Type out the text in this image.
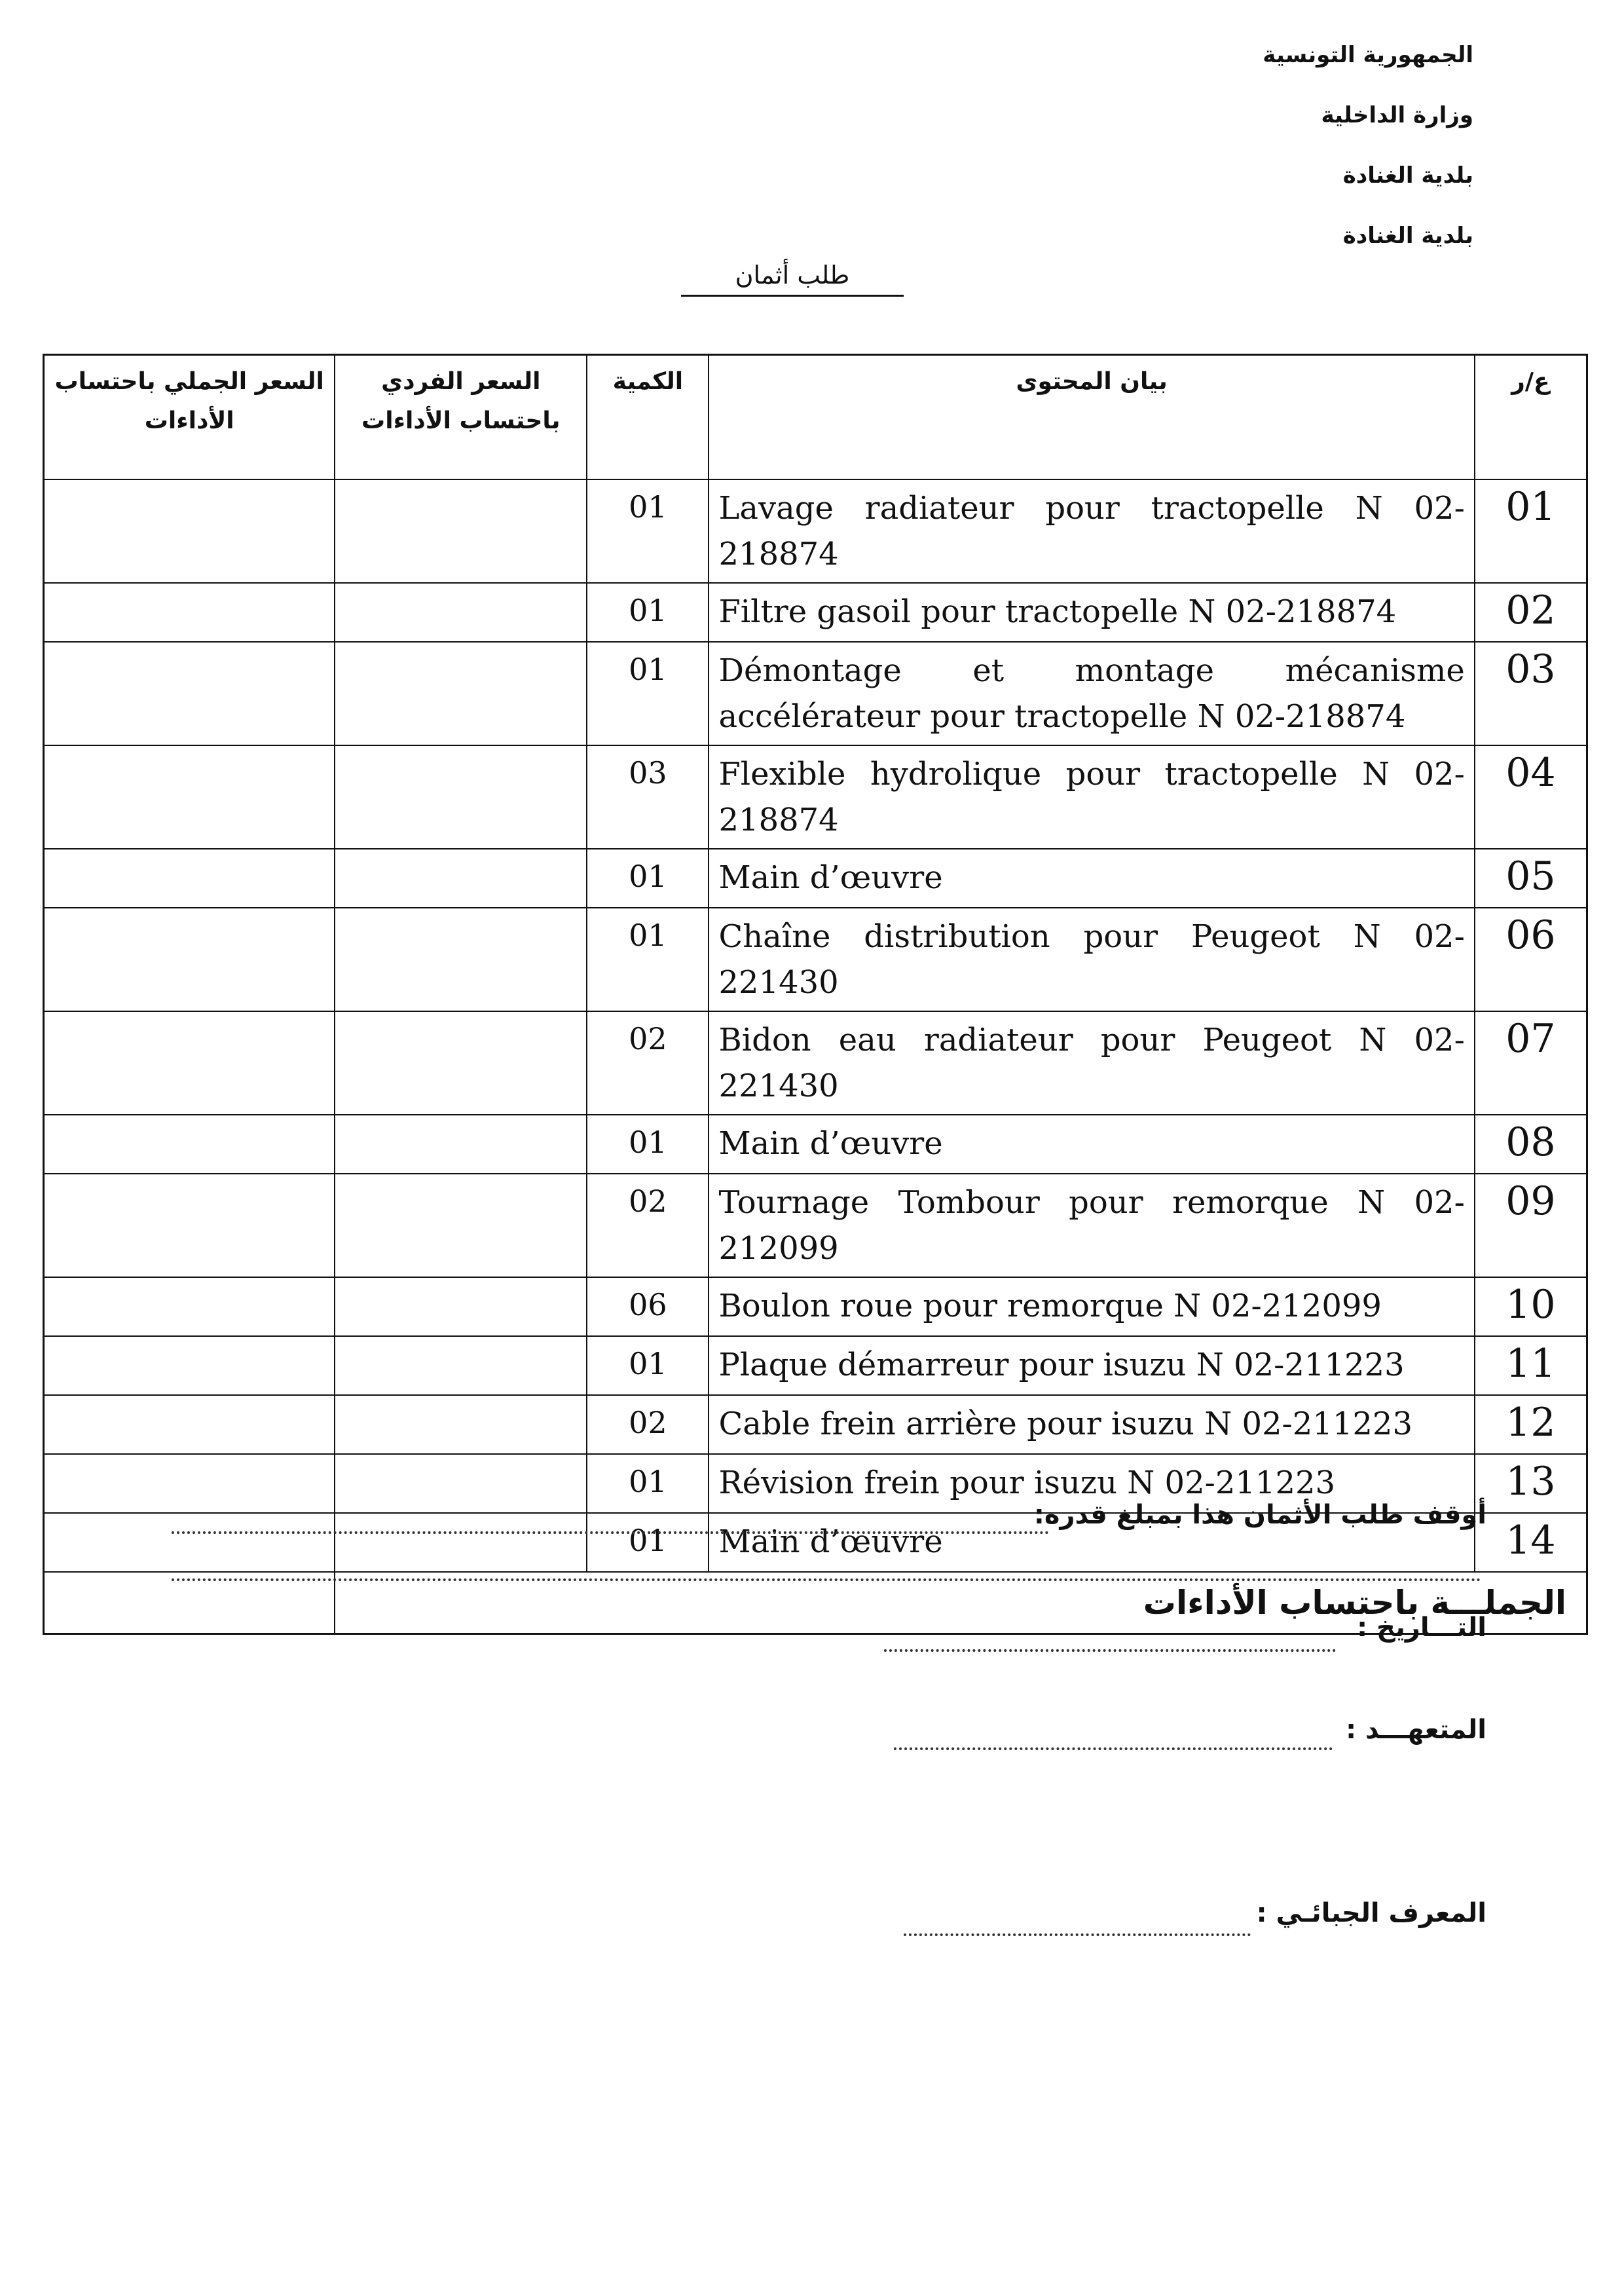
الجمهورية التونسية
وزارة الداخلية
بلدية الغنادة
بلدية الغنادة
طلب أثمان
السعر الجملي باحتساب الأداءات	السعر الفردي باحتساب الأداءات	الكمية	بيان المحتوى	ع/ر
		01	Lavage radiateur pour tractopelle N 02-218874	01
		01	Filtre gasoil pour tractopelle N 02-218874	02
		01	Démontage et montage mécanisme accélérateur pour tractopelle N 02-218874	03
		03	Flexible hydrolique pour tractopelle N 02-218874	04
		01	Main d’œuvre	05
		01	Chaîne distribution pour Peugeot N 02-221430	06
		02	Bidon eau radiateur pour Peugeot N 02-221430	07
		01	Main d’œuvre	08
		02	Tournage Tombour pour remorque N 02-212099	09
		06	Boulon roue pour remorque N 02-212099	10
		01	Plaque démarreur pour isuzu N 02-211223	11
		02	Cable frein arrière pour isuzu N 02-211223	12
		01	Révision frein pour isuzu N 02-211223	13
		01	Main d’œuvre	14
	الجملـــة باحتساب الأداءات			
أوقف طلب الأثمان هذا بمبلغ قدره:
التـــاريخ :
المتعهـــد :
المعرف الجبائـي :
